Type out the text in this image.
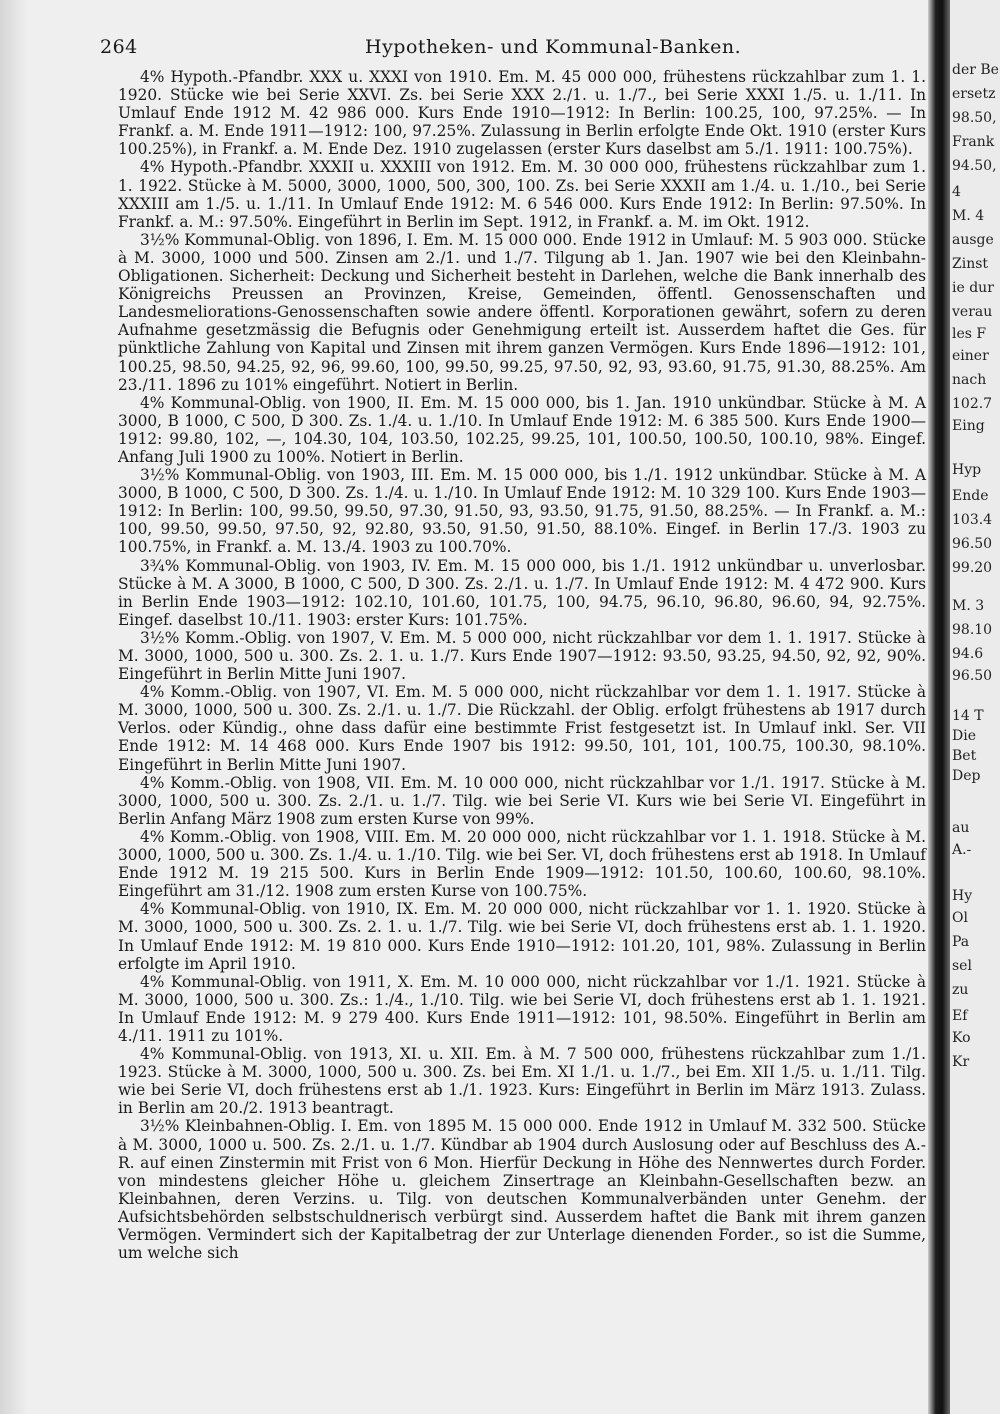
264	Hypotheken- und Kommunal-Banken.

4% Hypoth.-Pfandbr. XXX u. XXXI von 1910. Em. M. 45 000 000, frühestens rückzahlbar zum 1. 1. 1920. Stücke wie bei Serie XXVI. Zs. bei Serie XXX 2./1. u. 1./7., bei Serie XXXI 1./5. u. 1./11. In Umlauf Ende 1912 M. 42 986 000. Kurs Ende 1910—1912: In Berlin: 100.25, 100, 97.25%. — In Frankf. a. M. Ende 1911—1912: 100, 97.25%. Zulassung in Berlin erfolgte Ende Okt. 1910 (erster Kurs 100.25%), in Frankf. a. M. Ende Dez. 1910 zugelassen (erster Kurs daselbst am 5./1. 1911: 100.75%).

4% Hypoth.-Pfandbr. XXXII u. XXXIII von 1912. Em. M. 30 000 000, frühestens rückzahlbar zum 1. 1. 1922. Stücke à M. 5000, 3000, 1000, 500, 300, 100. Zs. bei Serie XXXII am 1./4. u. 1./10., bei Serie XXXIII am 1./5. u. 1./11. In Umlauf Ende 1912: M. 6 546 000. Kurs Ende 1912: In Berlin: 97.50%. In Frankf. a. M.: 97.50%. Eingeführt in Berlin im Sept. 1912, in Frankf. a. M. im Okt. 1912.

3½% Kommunal-Oblig. von 1896, I. Em. M. 15 000 000. Ende 1912 in Umlauf: M. 5 903 000. Stücke à M. 3000, 1000 und 500. Zinsen am 2./1. und 1./7. Tilgung ab 1. Jan. 1907 wie bei den Kleinbahn-Obligationen. Sicherheit: Deckung und Sicherheit besteht in Darlehen, welche die Bank innerhalb des Königreichs Preussen an Provinzen, Kreise, Gemeinden, öffentl. Genossenschaften und Landesmeliorations-Genossenschaften sowie andere öffentl. Korporationen gewährt, sofern zu deren Aufnahme gesetzmässig die Befugnis oder Genehmigung erteilt ist. Ausserdem haftet die Ges. für pünktliche Zahlung von Kapital und Zinsen mit ihrem ganzen Vermögen. Kurs Ende 1896—1912: 101, 100.25, 98.50, 94.25, 92, 96, 99.60, 100, 99.50, 99.25, 97.50, 92, 93, 93.60, 91.75, 91.30, 88.25%. Am 23./11. 1896 zu 101% eingeführt. Notiert in Berlin.

4% Kommunal-Oblig. von 1900, II. Em. M. 15 000 000, bis 1. Jan. 1910 unkündbar. Stücke à M. A 3000, B 1000, C 500, D 300. Zs. 1./4. u. 1./10. In Umlauf Ende 1912: M. 6 385 500. Kurs Ende 1900—1912: 99.80, 102, —, 104.30, 104, 103.50, 102.25, 99.25, 101, 100.50, 100.50, 100.10, 98%. Eingef. Anfang Juli 1900 zu 100%. Notiert in Berlin.

3½% Kommunal-Oblig. von 1903, III. Em. M. 15 000 000, bis 1./1. 1912 unkündbar. Stücke à M. A 3000, B 1000, C 500, D 300. Zs. 1./4. u. 1./10. In Umlauf Ende 1912: M. 10 329 100. Kurs Ende 1903—1912: In Berlin: 100, 99.50, 99.50, 97.30, 91.50, 93, 93.50, 91.75, 91.50, 88.25%. — In Frankf. a. M.: 100, 99.50, 99.50, 97.50, 92, 92.80, 93.50, 91.50, 91.50, 88.10%. Eingef. in Berlin 17./3. 1903 zu 100.75%, in Frankf. a. M. 13./4. 1903 zu 100.70%.

3¾% Kommunal-Oblig. von 1903, IV. Em. M. 15 000 000, bis 1./1. 1912 unkündbar u. unverlosbar. Stücke à M. A 3000, B 1000, C 500, D 300. Zs. 2./1. u. 1./7. In Umlauf Ende 1912: M. 4 472 900. Kurs in Berlin Ende 1903—1912: 102.10, 101.60, 101.75, 100, 94.75, 96.10, 96.80, 96.60, 94, 92.75%. Eingef. daselbst 10./11. 1903: erster Kurs: 101.75%.

3½% Komm.-Oblig. von 1907, V. Em. M. 5 000 000, nicht rückzahlbar vor dem 1. 1. 1917. Stücke à M. 3000, 1000, 500 u. 300. Zs. 2. 1. u. 1./7. Kurs Ende 1907—1912: 93.50, 93.25, 94.50, 92, 92, 90%. Eingeführt in Berlin Mitte Juni 1907.

4% Komm.-Oblig. von 1907, VI. Em. M. 5 000 000, nicht rückzahlbar vor dem 1. 1. 1917. Stücke à M. 3000, 1000, 500 u. 300. Zs. 2./1. u. 1./7. Die Rückzahl. der Oblig. erfolgt frühestens ab 1917 durch Verlos. oder Kündig., ohne dass dafür eine bestimmte Frist festgesetzt ist. In Umlauf inkl. Ser. VII Ende 1912: M. 14 468 000. Kurs Ende 1907 bis 1912: 99.50, 101, 101, 100.75, 100.30, 98.10%. Eingeführt in Berlin Mitte Juni 1907.

4% Komm.-Oblig. von 1908, VII. Em. M. 10 000 000, nicht rückzahlbar vor 1./1. 1917. Stücke à M. 3000, 1000, 500 u. 300. Zs. 2./1. u. 1./7. Tilg. wie bei Serie VI. Kurs wie bei Serie VI. Eingeführt in Berlin Anfang März 1908 zum ersten Kurse von 99%.

4% Komm.-Oblig. von 1908, VIII. Em. M. 20 000 000, nicht rückzahlbar vor 1. 1. 1918. Stücke à M. 3000, 1000, 500 u. 300. Zs. 1./4. u. 1./10. Tilg. wie bei Ser. VI, doch frühestens erst ab 1918. In Umlauf Ende 1912 M. 19 215 500. Kurs in Berlin Ende 1909—1912: 101.50, 100.60, 100.60, 98.10%. Eingeführt am 31./12. 1908 zum ersten Kurse von 100.75%.

4% Kommunal-Oblig. von 1910, IX. Em. M. 20 000 000, nicht rückzahlbar vor 1. 1. 1920. Stücke à M. 3000, 1000, 500 u. 300. Zs. 2. 1. u. 1./7. Tilg. wie bei Serie VI, doch frühestens erst ab. 1. 1. 1920. In Umlauf Ende 1912: M. 19 810 000. Kurs Ende 1910—1912: 101.20, 101, 98%. Zulassung in Berlin erfolgte im April 1910.

4% Kommunal-Oblig. von 1911, X. Em. M. 10 000 000, nicht rückzahlbar vor 1./1. 1921. Stücke à M. 3000, 1000, 500 u. 300. Zs.: 1./4., 1./10. Tilg. wie bei Serie VI, doch frühestens erst ab 1. 1. 1921. In Umlauf Ende 1912: M. 9 279 400. Kurs Ende 1911—1912: 101, 98.50%. Eingeführt in Berlin am 4./11. 1911 zu 101%.

4% Kommunal-Oblig. von 1913, XI. u. XII. Em. à M. 7 500 000, frühestens rückzahlbar zum 1./1. 1923. Stücke à M. 3000, 1000, 500 u. 300. Zs. bei Em. XI 1./1. u. 1./7., bei Em. XII 1./5. u. 1./11. Tilg. wie bei Serie VI, doch frühestens erst ab 1./1. 1923. Kurs: Eingeführt in Berlin im März 1913. Zulass. in Berlin am 20./2. 1913 beantragt.

3½% Kleinbahnen-Oblig. I. Em. von 1895 M. 15 000 000. Ende 1912 in Umlauf M. 332 500. Stücke à M. 3000, 1000 u. 500. Zs. 2./1. u. 1./7. Kündbar ab 1904 durch Auslosung oder auf Beschluss des A.-R. auf einen Zinstermin mit Frist von 6 Mon. Hierfür Deckung in Höhe des Nennwertes durch Forder. von mindestens gleicher Höhe u. gleichem Zinsertrage an Kleinbahn-Gesellschaften bezw. an Kleinbahnen, deren Verzins. u. Tilg. von deutschen Kommunalverbänden unter Genehm. der Aufsichtsbehörden selbstschuldnerisch verbürgt sind. Ausserdem haftet die Bank mit ihrem ganzen Vermögen. Vermindert sich der Kapitalbetrag der zur Unterlage dienenden Forder., so ist die Summe, um welche sich

der Be
ersetz
98.50,
Frank
94.50,
4
M. 4
ausge
Zinst
ie dur
verau
les F
einer
nach
102.7
Eing
Hyp
Ende
103.4
96.50
99.20
M. 3
98.10
94.6
96.50
14 T
Die
Bet
Dep
au
A.-
Hy
Ol
Pa
sel
zu
Ef
Ko
Kr
